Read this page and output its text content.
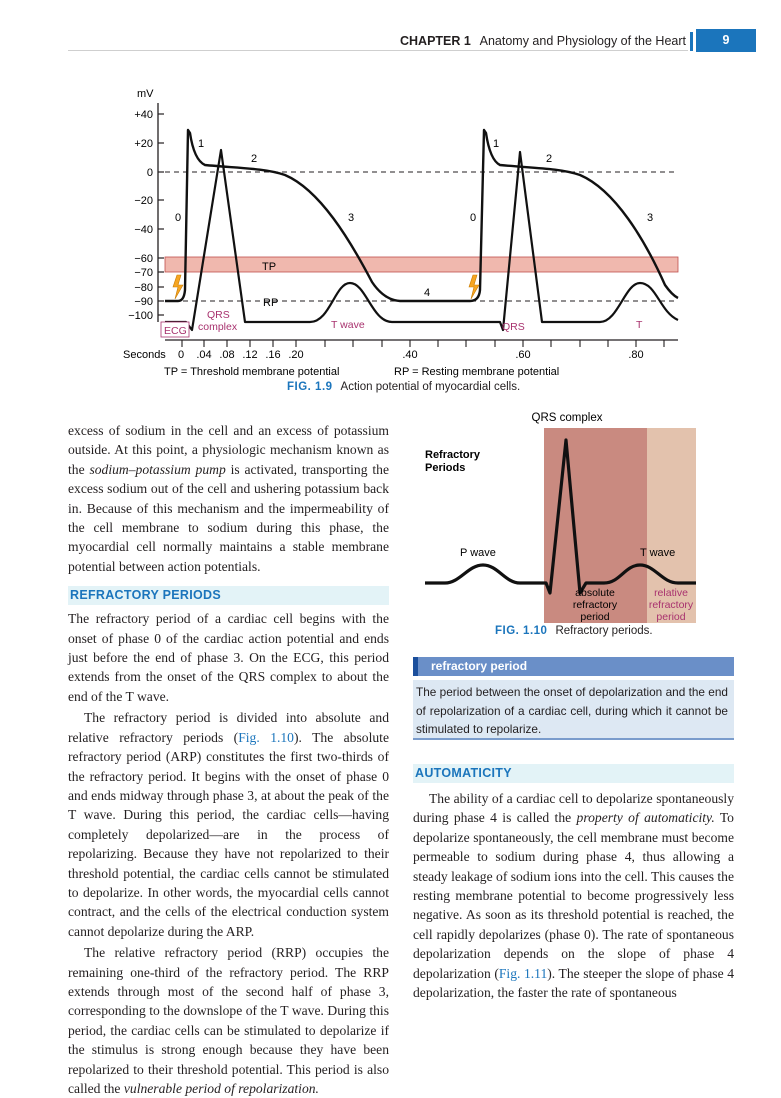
CHAPTER 1 Anatomy and Physiology of the Heart	9
mV
+40
+20
0
−20
−40
−60
−70
−80
−90
−100
1
2
0	3
4
1
2
0	3
TP
RP
ECG
QRS
complex	T wave	QRS	T
Seconds 0 .04 .08 .12 .16 .20	.40	.60	.80
TP = Threshold membrane potential	RP = Resting membrane potential
FIG. 1.9 Action potential of myocardial cells.

excess of sodium in the cell and an excess of potassium outside. At this point, a physiologic mechanism known as the sodium–potassium pump is activated, transporting the excess sodium out of the cell and ushering potassium back in. Because of this mechanism and the impermeability of the cell membrane to sodium during this phase, the myocardial cell normally maintains a stable membrane potential between action potentials.

REFRACTORY PERIODS

The refractory period of a cardiac cell begins with the onset of phase 0 of the cardiac action potential and ends just before the end of phase 3. On the ECG, this period extends from the onset of the QRS complex to about the end of the T wave.

The refractory period is divided into absolute and relative refractory periods (Fig. 1.10). The absolute refractory period (ARP) constitutes the first two-thirds of the refractory period. It begins with the onset of phase 0 and ends midway through phase 3, at about the peak of the T wave. During this period, the cardiac cells—having completely depolarized—are in the process of repolarizing. Because they have not repolarized to their threshold potential, the cardiac cells cannot be stimulated to depolarize. In other words, the myocardial cells cannot contract, and the cells of the electrical conduction system cannot depolarize during the ARP.

The relative refractory period (RRP) occupies the remaining one-third of the refractory period. The RRP extends through most of the second half of phase 3, corresponding to the downslope of the T wave. During this period, the cardiac cells can be stimulated to depolarize if the stimulus is strong enough because they have been repolarized to their threshold potential. This period is also called the vulnerable period of repolarization.

QRS complex
Refractory
Periods
P wave	T wave
absolute
refractory
period
relative
refractory
period
FIG. 1.10 Refractory periods.
refractory period
The period between the onset of depolarization and the end of repolarization of a cardiac cell, during which it cannot be stimulated to repolarize.
AUTOMATICITY

The ability of a cardiac cell to depolarize spontaneously during phase 4 is called the property of automaticity. To depolarize spontaneously, the cell membrane must become permeable to sodium during phase 4, thus allowing a steady leakage of sodium ions into the cell. This causes the resting membrane potential to become progressively less negative. As soon as its threshold potential is reached, the cell rapidly depolarizes (phase 0). The rate of spontaneous depolarization depends on the slope of phase 4 depolarization (Fig. 1.11). The steeper the slope of phase 4 depolarization, the faster the rate of spontaneous
